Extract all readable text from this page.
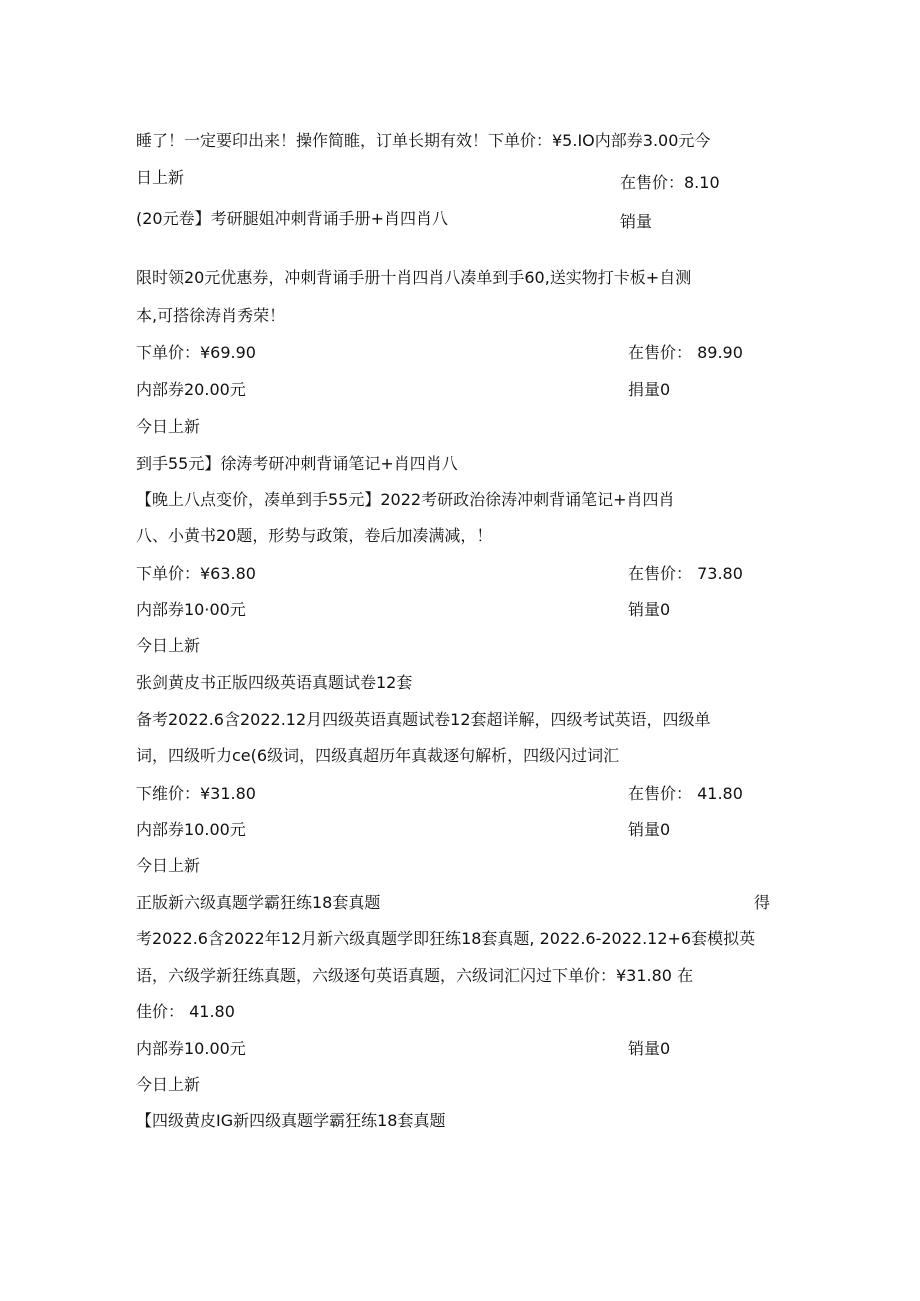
睡了！一定要印出来！操作简睢，订单长期有效！下单价：¥5.IO内部券3.00元今
日上新	在售价：8.10
(20元卷】考研腿姐冲刺背诵手册+肖四肖八	销量
限时领20元优惠券，冲刺背诵手册十肖四肖八凑单到手60,送实物打卡板+自测
本,可搭徐涛肖秀荣！
下单价：¥69.90	在售价： 89.90
内部券20.00元	捐量0
今日上新
到手55元】徐涛考研冲刺背诵笔记+肖四肖八
【晚上八点变价，凑单到手55元】2022考研政治徐涛冲刺背诵笔记+肖四肖
八、小黄书20题，形势与政策，卷后加凑满减，！
下单价：¥63.80	在售价： 73.80
内部券10·00元	销量0
今日上新
张剑黄皮书正版四级英语真题试卷12套
备考2022.6含2022.12月四级英语真题试卷12套超详解，四级考试英语，四级单
词，四级听力ce(6级词，四级真超历年真裁逐句解析，四级闪过词汇
下维价：¥31.80	在售价： 41.80
内部券10.00元	销量0
今日上新
正版新六级真题学霸狂练18套真题	得
考2022.6含2022年12月新六级真题学即狂练18套真题, 2022.6-2022.12+6套模拟英
语，六级学新狂练真题，六级逐句英语真题，六级词汇闪过下单价：¥31.80 在
佳价： 41.80
内部券10.00元	销量0
今日上新
【四级黄皮IG新四级真题学霸狂练18套真题
